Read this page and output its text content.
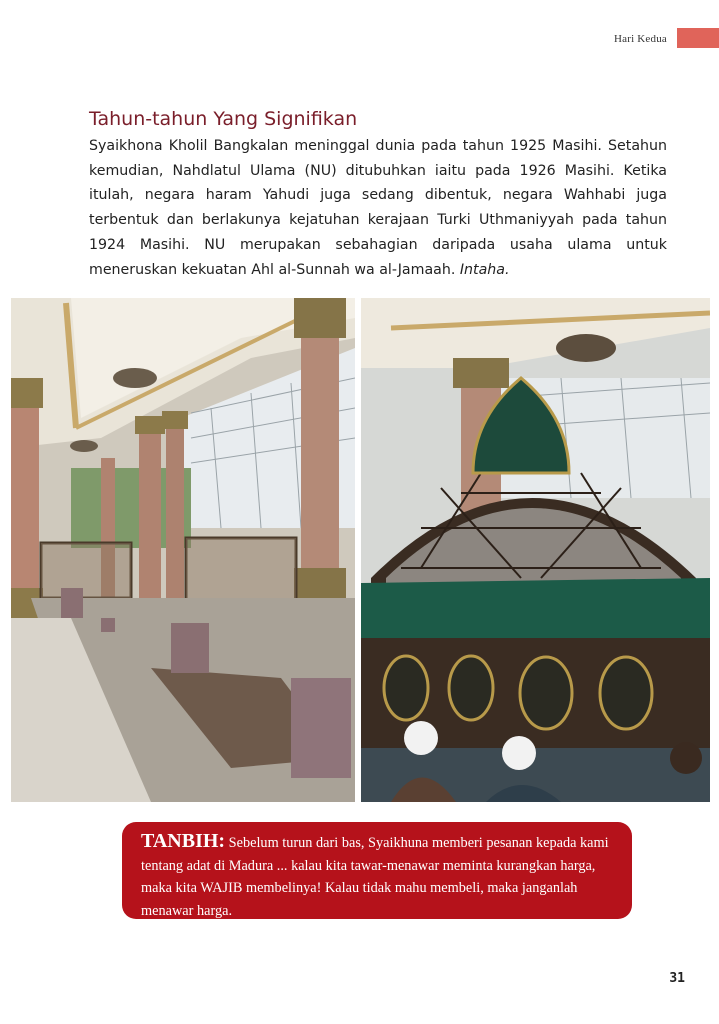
Hari Kedua
Tahun-tahun Yang Signifikan

Syaikhona Kholil Bangkalan meninggal dunia pada tahun 1925 Masihi. Setahun kemudian, Nahdlatul Ulama (NU) ditubuhkan iaitu pada 1926 Masihi. Ketika itulah, negara haram Yahudi juga sedang dibentuk, negara Wahhabi juga terbentuk dan berlakunya kejatuhan kerajaan Turki Uthmaniyyah pada tahun 1924 Masihi. NU merupakan sebahagian daripada usaha ulama untuk meneruskan kekuatan Ahl al-Sunnah wa al-Jamaah. Intaha.

TANBIH: Sebelum turun dari bas, Syaikhuna memberi pesanan kepada kami tentang adat di Madura ... kalau kita tawar-menawar meminta kurangkan harga, maka kita WAJIB membelinya! Kalau tidak mahu membeli, maka janganlah menawar harga.
31
